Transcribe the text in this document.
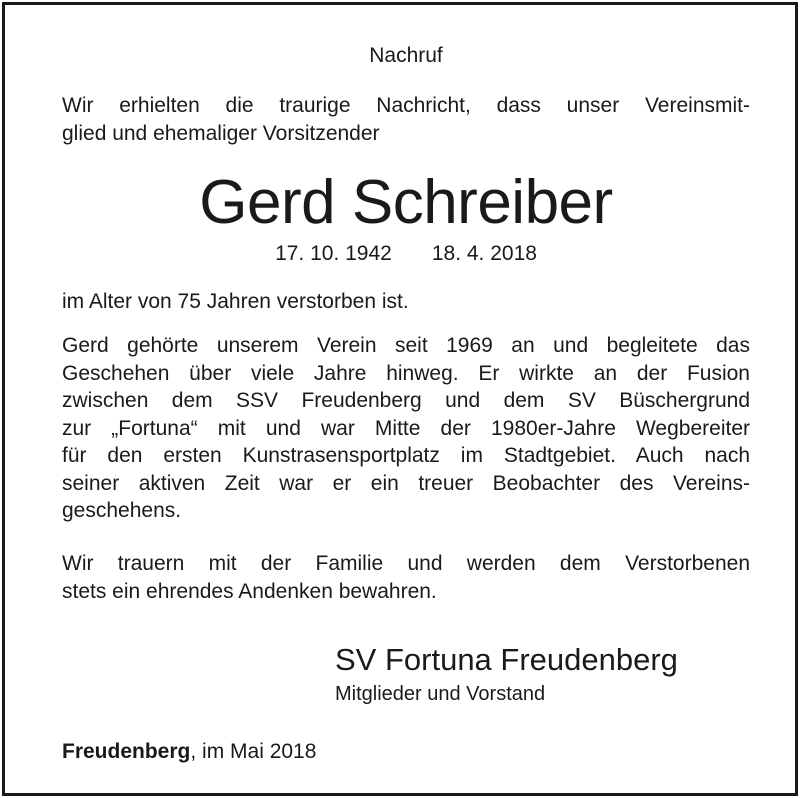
Nachruf
Wir erhielten die traurige Nachricht, dass unser Vereinsmit-
glied und ehemaliger Vorsitzender
Gerd Schreiber
17. 10. 1942 18. 4. 2018
im Alter von 75 Jahren verstorben ist.
Gerd gehörte unserem Verein seit 1969 an und begleitete das
Geschehen über viele Jahre hinweg. Er wirkte an der Fusion
zwischen dem SSV Freudenberg und dem SV Büschergrund
zur „Fortuna“ mit und war Mitte der 1980er-Jahre Wegbereiter
für den ersten Kunstrasensportplatz im Stadtgebiet. Auch nach
seiner aktiven Zeit war er ein treuer Beobachter des Vereins-
geschehens.
Wir trauern mit der Familie und werden dem Verstorbenen
stets ein ehrendes Andenken bewahren.
SV Fortuna Freudenberg
Mitglieder und Vorstand
Freudenberg, im Mai 2018
